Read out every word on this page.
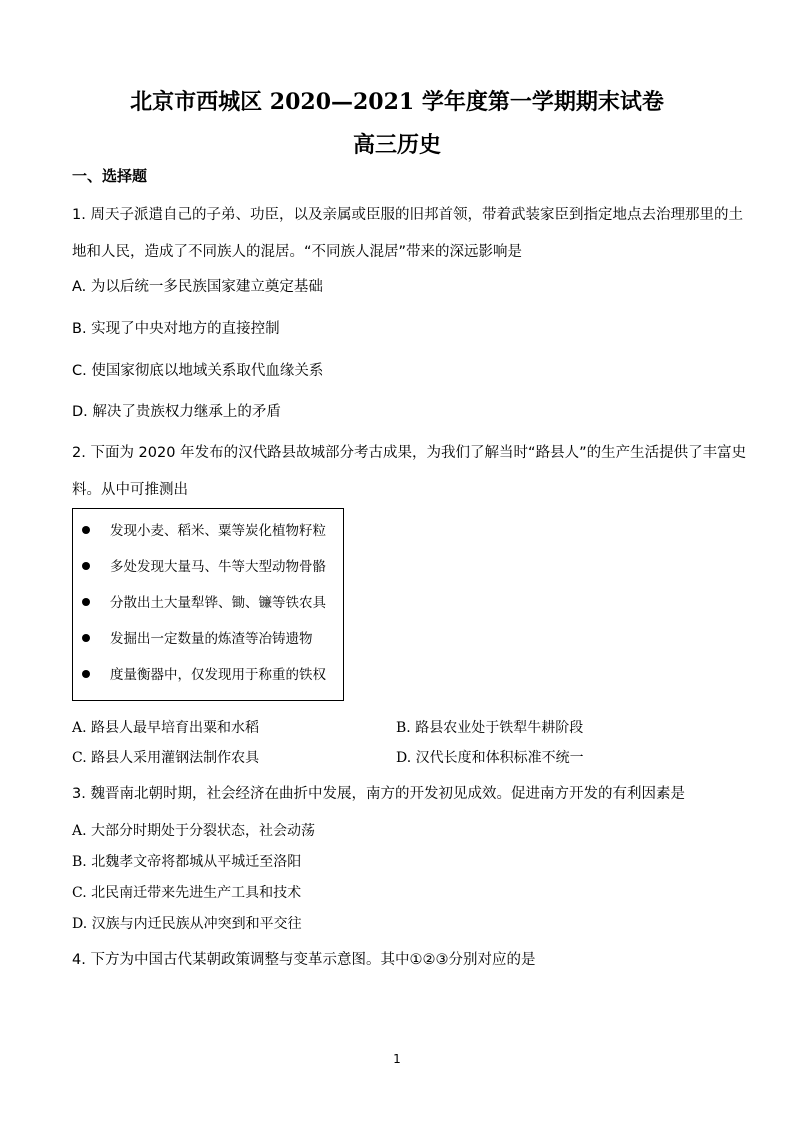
北京市西城区 2020—2021 学年度第一学期期末试卷
高三历史
一、选择题
1. 周天子派遣自己的子弟、功臣，以及亲属或臣服的旧邦首领，带着武装家臣到指定地点去治理那里的土
地和人民，造成了不同族人的混居。“不同族人混居”带来的深远影响是
A. 为以后统一多民族国家建立奠定基础
B. 实现了中央对地方的直接控制
C. 使国家彻底以地域关系取代血缘关系
D. 解决了贵族权力继承上的矛盾
2. 下面为 2020 年发布的汉代路县故城部分考古成果，为我们了解当时“路县人”的生产生活提供了丰富史
料。从中可推测出
发现小麦、稻米、粟等炭化植物籽粒
多处发现大量马、牛等大型动物骨骼
分散出土大量犁铧、锄、镰等铁农具
发掘出一定数量的炼渣等冶铸遗物
度量衡器中，仅发现用于称重的铁权
A. 路县人最早培育出粟和水稻	B. 路县农业处于铁犁牛耕阶段
C. 路县人采用灌钢法制作农具	D. 汉代长度和体积标准不统一
3. 魏晋南北朝时期，社会经济在曲折中发展，南方的开发初见成效。促进南方开发的有利因素是
A. 大部分时期处于分裂状态，社会动荡
B. 北魏孝文帝将都城从平城迁至洛阳
C. 北民南迁带来先进生产工具和技术
D. 汉族与内迁民族从冲突到和平交往
4. 下方为中国古代某朝政策调整与变革示意图。其中①②③分别对应的是
1
